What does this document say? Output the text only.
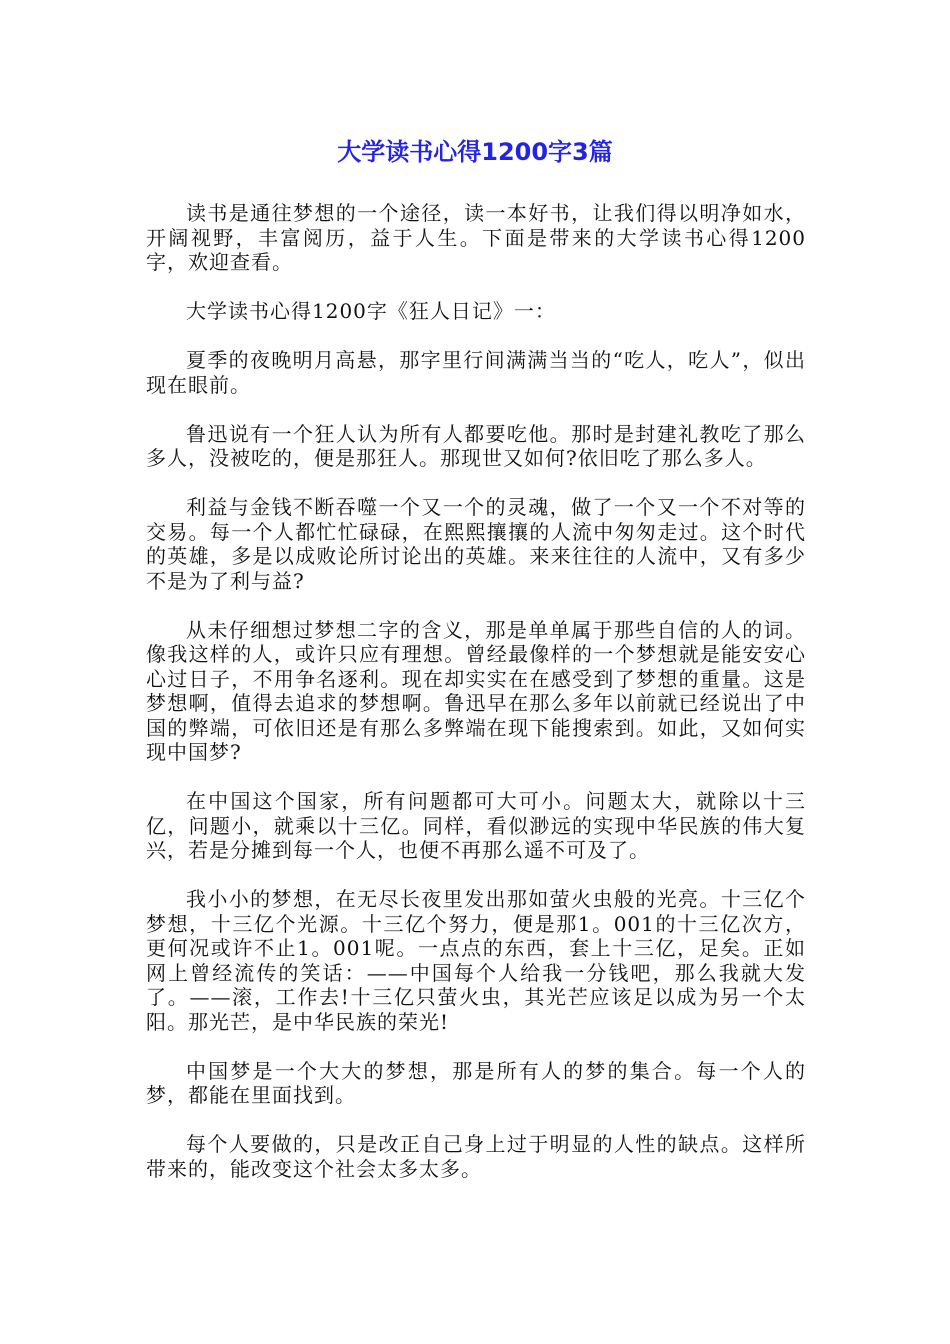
大学读书心得1200字3篇

读书是通往梦想的一个途径，读一本好书，让我们得以明净如水，开阔视野，丰富阅历，益于人生。下面是带来的大学读书心得1200字，欢迎查看。

大学读书心得1200字《狂人日记》一：

夏季的夜晚明月高悬，那字里行间满满当当的“吃人，吃人”，似出现在眼前。

鲁迅说有一个狂人认为所有人都要吃他。那时是封建礼教吃了那么多人，没被吃的，便是那狂人。那现世又如何?依旧吃了那么多人。

利益与金钱不断吞噬一个又一个的灵魂，做了一个又一个不对等的交易。每一个人都忙忙碌碌，在熙熙攘攘的人流中匆匆走过。这个时代的英雄，多是以成败论所讨论出的英雄。来来往往的人流中，又有多少不是为了利与益?

从未仔细想过梦想二字的含义，那是单单属于那些自信的人的词。像我这样的人，或许只应有理想。曾经最像样的一个梦想就是能安安心心过日子，不用争名逐利。现在却实实在在感受到了梦想的重量。这是梦想啊，值得去追求的梦想啊。鲁迅早在那么多年以前就已经说出了中国的弊端，可依旧还是有那么多弊端在现下能搜索到。如此，又如何实现中国梦?

在中国这个国家，所有问题都可大可小。问题太大，就除以十三亿，问题小，就乘以十三亿。同样，看似渺远的实现中华民族的伟大复兴，若是分摊到每一个人，也便不再那么遥不可及了。

我小小的梦想，在无尽长夜里发出那如萤火虫般的光亮。十三亿个梦想，十三亿个光源。十三亿个努力，便是那1。001的十三亿次方，更何况或许不止1。001呢。一点点的东西，套上十三亿，足矣。正如网上曾经流传的笑话：——中国每个人给我一分钱吧，那么我就大发了。——滚，工作去!十三亿只萤火虫，其光芒应该足以成为另一个太阳。那光芒，是中华民族的荣光!

中国梦是一个大大的梦想，那是所有人的梦的集合。每一个人的梦，都能在里面找到。

每个人要做的，只是改正自己身上过于明显的人性的缺点。这样所带来的，能改变这个社会太多太多。
